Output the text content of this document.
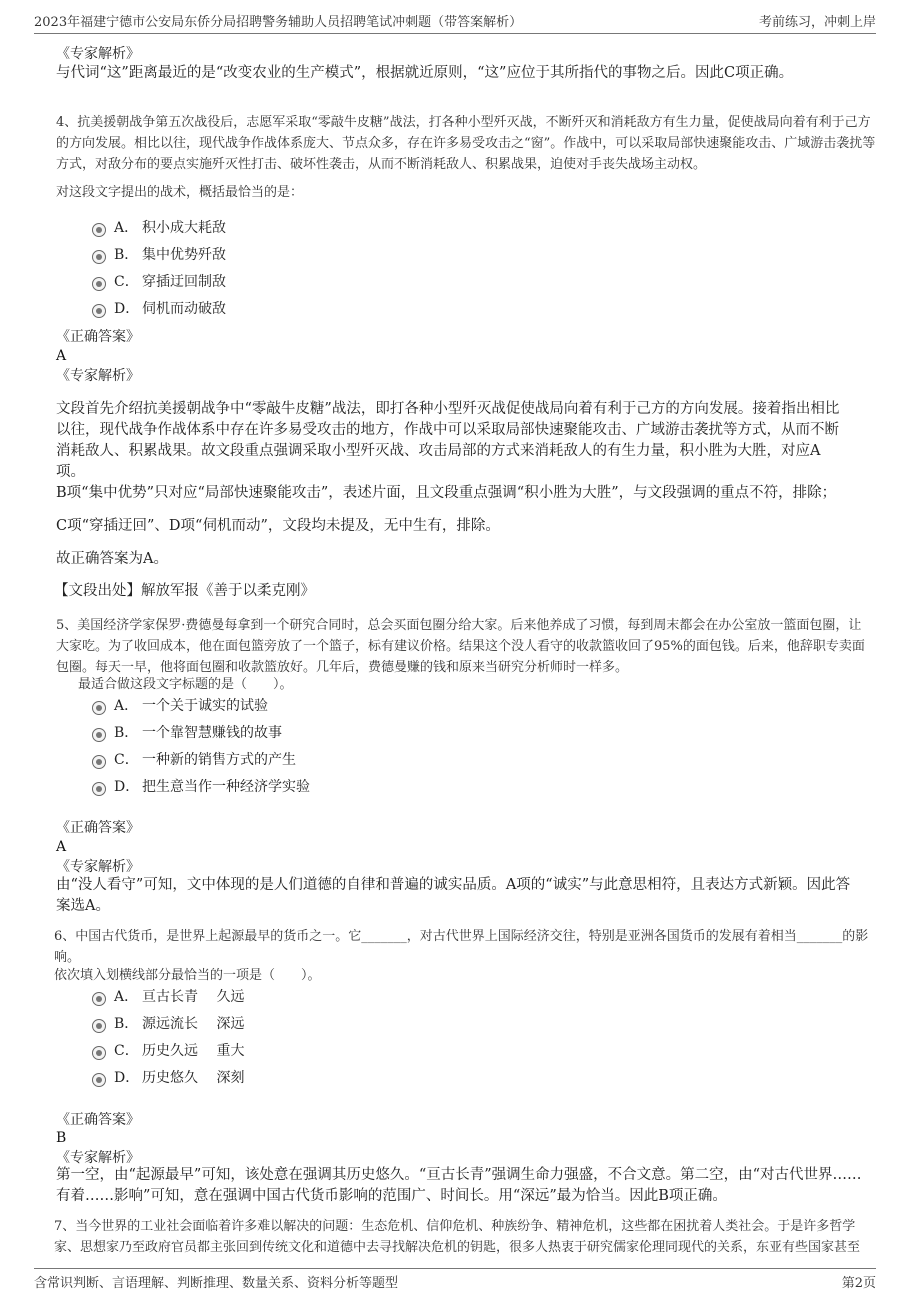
2023年福建宁德市公安局东侨分局招聘警务辅助人员招聘笔试冲刺题（带答案解析）	考前练习，冲刺上岸
《专家解析》
与代词“这”距离最近的是“改变农业的生产模式”，根据就近原则，“这”应位于其所指代的事物之后。因此C项正确。

4、抗美援朝战争第五次战役后，志愿军采取“零敲牛皮糖”战法，打各种小型歼灭战，不断歼灭和消耗敌方有生力量，促使战局向着有利于己方

的方向发展。相比以往，现代战争作战体系庞大、节点众多，存在许多易受攻击之“窗”。作战中，可以采取局部快速聚能攻击、广域游击袭扰等

方式，对敌分布的要点实施歼灭性打击、破坏性袭击，从而不断消耗敌人、积累战果，迫使对手丧失战场主动权。

对这段文字提出的战术，概括最恰当的是：
A． 积小成大耗敌
B． 集中优势歼敌
C． 穿插迂回制敌
D． 伺机而动破敌
《正确答案》
A
《专家解析》

文段首先介绍抗美援朝战争中“零敲牛皮糖”战法，即打各种小型歼灭战促使战局向着有利于己方的方向发展。接着指出相比

以往，现代战争作战体系中存在许多易受攻击的地方，作战中可以采取局部快速聚能攻击、广域游击袭扰等方式，从而不断

消耗敌人、积累战果。故文段重点强调采取小型歼灭战、攻击局部的方式来消耗敌人的有生力量，积小胜为大胜，对应A

项。

B项“集中优势”只对应“局部快速聚能攻击”，表述片面，且文段重点强调“积小胜为大胜”，与文段强调的重点不符，排除；
C项“穿插迂回”、D项“伺机而动”，文段均未提及，无中生有，排除。
故正确答案为A。
【文段出处】解放军报《善于以柔克刚》

5、美国经济学家保罗·费德曼每拿到一个研究合同时，总会买面包圈分给大家。后来他养成了习惯，每到周末都会在办公室放一篮面包圈，让

大家吃。为了收回成本，他在面包篮旁放了一个篮子，标有建议价格。结果这个没人看守的收款篮收回了95%的面包钱。后来，他辞职专卖面

包圈。每天一早，他将面包圈和收款篮放好。几年后，费德曼赚的钱和原来当研究分析师时一样多。

最适合做这段文字标题的是（　　）。
A． 一个关于诚实的试验
B． 一个靠智慧赚钱的故事
C． 一种新的销售方式的产生
D． 把生意当作一种经济学实验
《正确答案》
A
《专家解析》

由“没人看守”可知，文中体现的是人们道德的自律和普遍的诚实品质。A项的“诚实”与此意思相符，且表达方式新颖。因此答

案选A。

6、中国古代货币，是世界上起源最早的货币之一。它_______，对古代世界上国际经济交往，特别是亚洲各国货币的发展有着相当_______的影

响。

依次填入划横线部分最恰当的一项是（　　）。
A． 亘古长青　 久远
B． 源远流长　 深远
C． 历史久远　 重大
D． 历史悠久　 深刻
《正确答案》
B
《专家解析》

第一空，由“起源最早”可知，该处意在强调其历史悠久。“亘古长青”强调生命力强盛，不合文意。第二空，由“对古代世界……

有着……影响”可知，意在强调中国古代货币影响的范围广、时间长。用“深远”最为恰当。因此B项正确。

7、当今世界的工业社会面临着许多难以解决的问题：生态危机、信仰危机、种族纷争、精神危机，这些都在困扰着人类社会。于是许多哲学

家、思想家乃至政府官员都主张回到传统文化和道德中去寻找解决危机的钥匙，很多人热衷于研究儒家伦理同现代的关系，东亚有些国家甚至

含常识判断、言语理解、判断推理、数量关系、资料分析等题型	第2页
